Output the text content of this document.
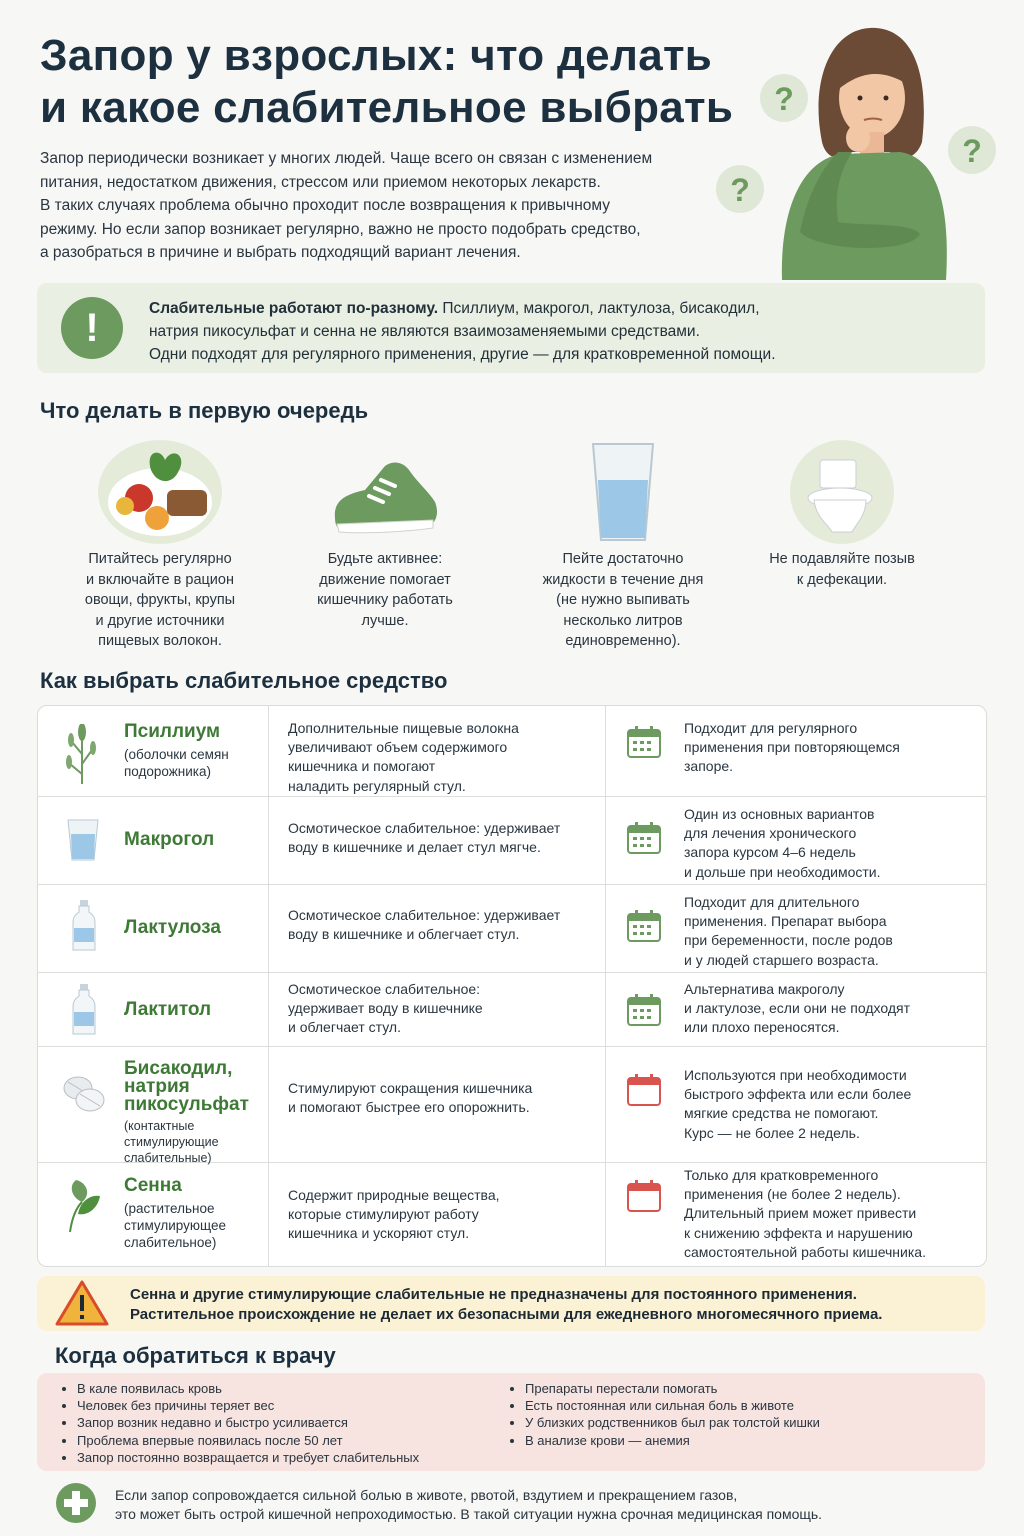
Запор у взрослых: что делать
и какое слабительное выбрать	?
?
?
Запор периодически возникает у многих людей. Чаще всего он связан с изменением
питания, недостатком движения, стрессом или приемом некоторых лекарств.
В таких случаях проблема обычно проходит после возвращения к привычному
режиму. Но если запор возникает регулярно, важно не просто подобрать средство,
а разобраться в причине и выбрать подходящий вариант лечения.
!	Слабительные работают по-разному. Псиллиум, макрогол, лактулоза, бисакодил,
натрия пикосульфат и сенна не являются взаимозаменяемыми средствами.
Одни подходят для регулярного применения, другие — для кратковременной помощи.
Что делать в первую очередь
Питайтесь регулярно
и включайте в рацион
овощи, фрукты, крупы
и другие источники
пищевых волокон.
Будьте активнее:
движение помогает
кишечнику работать
лучше.
Пейте достаточно
жидкости в течение дня
(не нужно выпивать
несколько литров
единовременно).
Не подавляйте позыв
к дефекации.
Как выбрать слабительное средство
Псиллиум
(оболочки семян
подорожника)
Дополнительные пищевые волокна
увеличивают объем содержимого
кишечника и помогают
наладить регулярный стул.
Подходит для регулярного
применения при повторяющемся
запоре.
Макрогол
Осмотическое слабительное: удерживает
воду в кишечнике и делает стул мягче.
Один из основных вариантов
для лечения хронического
запора курсом 4–6 недель
и дольше при необходимости.
Лактулоза
Осмотическое слабительное: удерживает
воду в кишечнике и облегчает стул.
Подходит для длительного
применения. Препарат выбора
при беременности, после родов
и у людей старшего возраста.
Лактитол
Осмотическое слабительное:
удерживает воду в кишечнике
и облегчает стул.
Альтернатива макроголу
и лактулозе, если они не подходят
или плохо переносятся.
Бисакодил,
натрия
пикосульфат
(контактные
стимулирующие
слабительные)
Стимулируют сокращения кишечника
и помогают быстрее его опорожнить.
Используются при необходимости
быстрого эффекта или если более
мягкие средства не помогают.
Курс — не более 2 недель.
Сенна
(растительное
стимулирующее
слабительное)
Содержит природные вещества,
которые стимулируют работу
кишечника и ускоряют стул.
Только для кратковременного
применения (не более 2 недель).
Длительный прием может привести
к снижению эффекта и нарушению
самостоятельной работы кишечника.
Сенна и другие стимулирующие слабительные не предназначены для постоянного применения.
Растительное происхождение не делает их безопасными для ежедневного многомесячного приема.
Когда обратиться к врачу
• В кале появилась кровь
• Человек без причины теряет вес
• Запор возник недавно и быстро усиливается
• Проблема впервые появилась после 50 лет
• Запор постоянно возвращается и требует слабительных
• Препараты перестали помогать
• Есть постоянная или сильная боль в животе
• У близких родственников был рак толстой кишки
• В анализе крови — анемия
Если запор сопровождается сильной болью в животе, рвотой, вздутием и прекращением газов,
это может быть острой кишечной непроходимостью. В такой ситуации нужна срочная медицинская помощь.
